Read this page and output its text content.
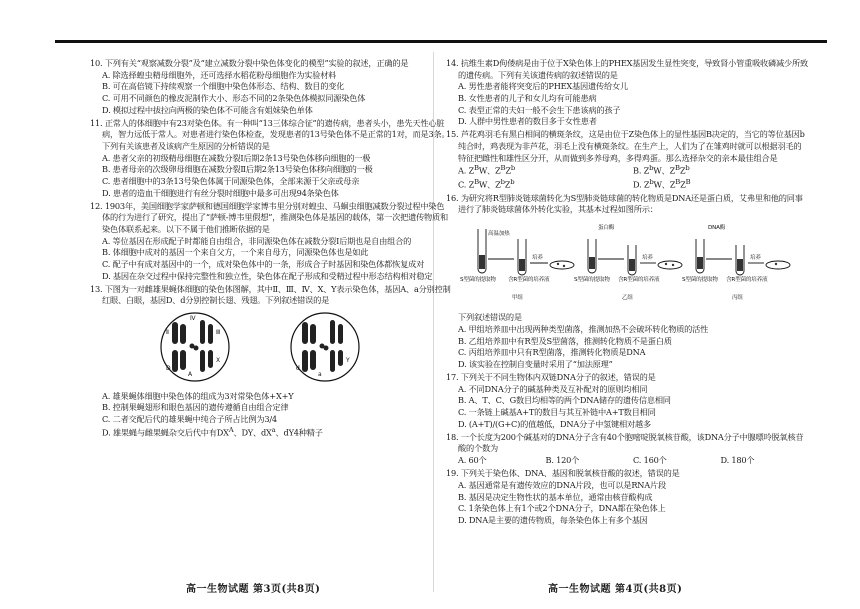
10. 下列有关“观察减数分裂”及“建立减数分裂中染色体变化的模型”实验的叙述，正确的是
A. 除选择蝗虫精母细胞外，还可选择水稻花粉母细胞作为实验材料
B. 可在高倍镜下持续观察一个细胞中染色体形态、结构、数目的变化
C. 可用不同颜色的橡皮泥制作大小、形态不同的2条染色体模拟同源染色体
D. 模拟过程中拔拉向两极的染色体不可能含有姐妹染色单体
11. 正常人的体细胞中有23对染色体。有一种叫“13三体综合征”的遗传病，患者头小，患先天性心脏病，智力远低于常人。对患者进行染色体检查，发现患者的13号染色体不是正常的1对，而是3条。下列有关该患者及该病产生原因的分析错误的是
A. 患者父亲的初级精母细胞在减数分裂Ⅰ后期2条13号染色体移向细胞的一极
B. 患者母亲的次级卵母细胞在减数分裂Ⅱ后期2条13号染色体移向细胞的一极
C. 患者细胞中的3条13号染色体属于同源染色体，全部来源于父亲或母亲
D. 患者的造血干细胞进行有丝分裂时细胞中最多可出现94条染色体
12. 1903年，美国细胞学家萨顿和德国细胞学家博韦里分别对蝗虫、马蛔虫细胞减数分裂过程中染色体的行为进行了研究，提出了“萨顿-博韦里假想”，推测染色体是基因的载体，第一次把遗传物质和染色体联系起来。以下不属于他们推断依据的是
A. 等位基因在形成配子时都能自由组合，非同源染色体在减数分裂Ⅰ后期也是自由组合的
B. 体细胞中成对的基因一个来自父方，一个来自母方，同源染色体也是如此
C. 配子中有成对基因中的一个，成对染色体中的一条，形成合子时基因和染色体都恢复成对
D. 基因在杂交过程中保持完整性和独立性，染色体在配子形成和受精过程中形态结构相对稳定
13. 下图为一对雌雄果蝇体细胞的染色体图解，其中Ⅱ、Ⅲ、Ⅳ、X、Y表示染色体，基因A、a分别控制红眼、白眼，基因D、d分别控制长翅、残翅。下列叙述错误的是
Ⅳ
Ⅱ	Ⅲ
X	Y
A	a
D	d
A. 雄果蝇体细胞中染色体的组成为3对常染色体+X+Y
B. 控制果蝇翅形和眼色基因的遗传遵循自由组合定律
C. 二者交配后代的雄果蝇中纯合子所占比例为3/4
D. 雄果蝇与雌果蝇杂交后代中有$DX^A$、DY、$dX^a$、dY4种精子
14. 抗维生素D佝偻病是由于位于X染色体上的PHEX基因发生显性突变，导致肾小管重吸收磷减少所致的遗传病。下列有关该遗传病的叙述错误的是
A. 男性患者能将突变后的PHEX基因遗传给女儿
B. 女性患者的儿子和女儿均有可能患病
C. 表型正常的夫妇一般不会生下患该病的孩子
D. 人群中男性患者的数目多于女性患者
15. 芦花鸡羽毛有黑白相间的横斑条纹，这是由位于Z染色体上的显性基因B决定的，当它的等位基因b纯合时，鸡表现为非芦花，羽毛上没有横斑条纹。在生产上，人们为了在雏鸡时就可以根据羽毛的特征把雌性和雄性区分开，从而做到多养母鸡，多得鸡蛋。那么选择杂交的亲本最佳组合是
A. $Z^BW$、$Z^BZ^b$	B. $Z^bW$、$Z^BZ^b$
C. $Z^BW$、$Z^bZ^b$	D. $Z^bW$、$Z^BZ^B$
16. 为研究将R型肺炎链球菌转化为S型肺炎链球菌的转化物质是DNA还是蛋白质，艾弗里和他的同事进行了肺炎链球菌体外转化实验，其基本过程如图所示：
高温加热
S型菌的提取物 含R型菌的培养液
培养
甲组
蛋白酶
S型菌的提取物 含R型菌的培养液
培养
乙组
DNA酶
S型菌的提取物 含R型菌的培养液
培养
丙组
下列叙述错误的是
A. 甲组培养皿中出现两种类型菌落，推测加热不会破坏转化物质的活性
B. 乙组培养皿中有R型及S型菌落，推测转化物质不是蛋白质
C. 丙组培养皿中只有R型菌落，推测转化物质是DNA
D. 该实验在控制自变量时采用了“加法原理”
17. 下列关于不同生物体内双链DNA分子的叙述，错误的是
A. 不同DNA分子的碱基种类及互补配对的原则均相同
B. A、T、C、G数目均相等的两个DNA储存的遗传信息相同
C. 一条链上碱基A+T的数目与其互补链中A+T数目相同
D. (A+T)/(G+C)的值越低，DNA分子中氢键相对越多
18. 一个长度为200个碱基对的DNA分子含有40个胞嘧啶脱氧核苷酸，该DNA分子中腺嘌呤脱氧核苷酸的个数为
A. 60个	B. 120个	C. 160个	D. 180个
19. 下列关于染色体、DNA、基因和脱氧核苷酸的叙述，错误的是
A. 基因通常是有遗传效应的DNA片段，也可以是RNA片段
B. 基因是决定生物性状的基本单位，通常由核苷酸构成
C. 1条染色体上有1个或2个DNA分子，DNA都在染色体上
D. DNA是主要的遗传物质，每条染色体上有多个基因
高一生物试题 第3页(共8页)	高一生物试题 第4页(共8页)
